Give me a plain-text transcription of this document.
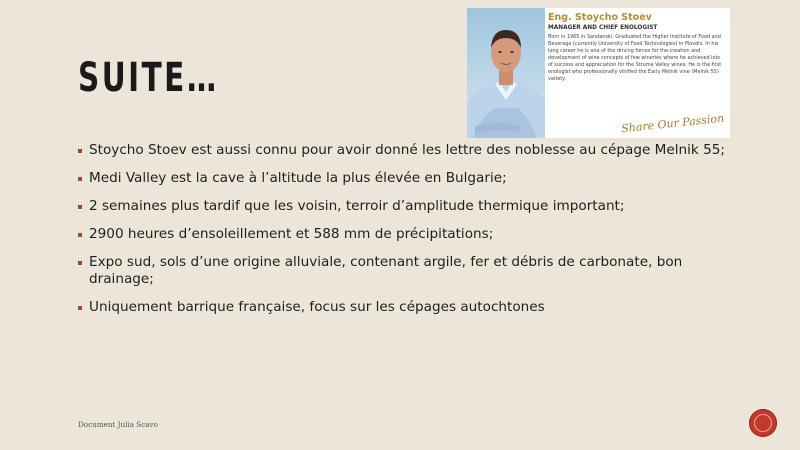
SUITE…
Eng. Stoycho Stoev
MANAGER AND CHIEF ENOLOGIST
Born in 1965 in Sandanski. Graduated the Higher Institute of Food and Beverage (currently University of Food Technologies) in Plovdiv. In his long career he is one of the driving forces for the creation and development of wine concepts of few wineries where he achieved lots of success and appreciation for the Struma Valley wines. He is the first enologist who professionally vinified the Early Melnik vine (Melnik 55) variety.
Share Our Passion
Stoycho Stoev est aussi connu pour avoir donné les lettre des noblesse au cépage Melnik 55;
Medi Valley est la cave à l’altitude la plus élevée en Bulgarie;
2 semaines plus tardif que les voisin, terroir d’amplitude thermique important;
2900 heures d’ensoleillement et 588 mm de précipitations;
Expo sud, sols d’une origine alluviale, contenant argile, fer et débris de carbonate, bon drainage;
Uniquement barrique française, focus sur les cépages autochtones
Document Julia Scavo
